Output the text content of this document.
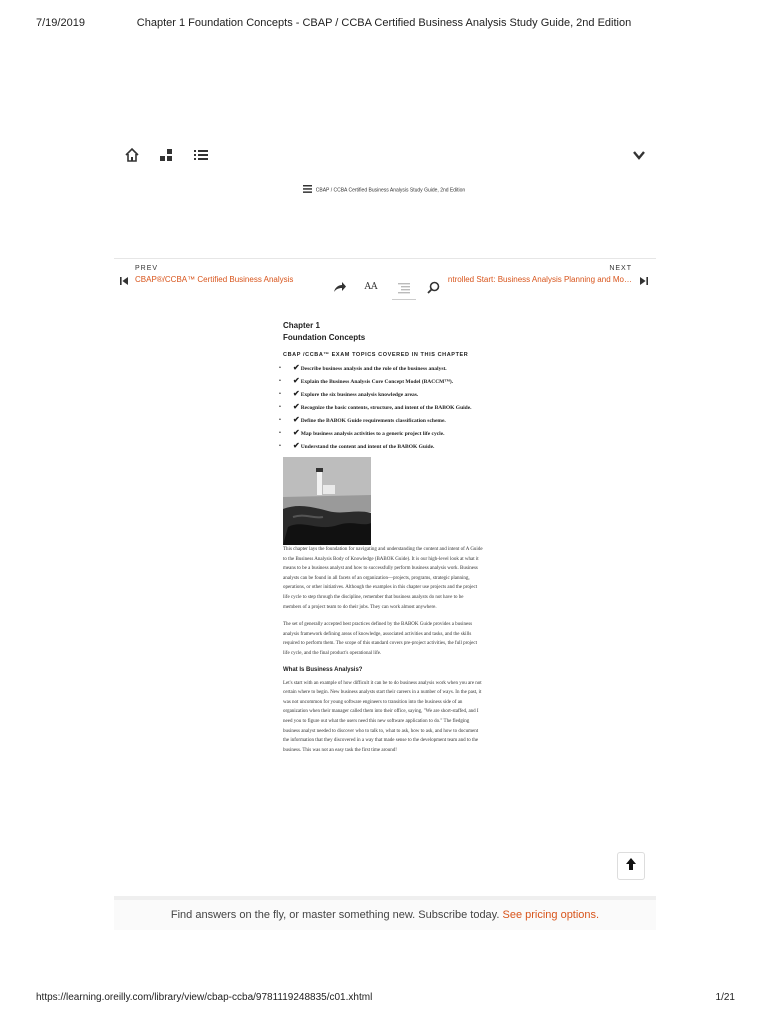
7/19/2019	Chapter 1 Foundation Concepts - CBAP / CCBA Certified Business Analysis Study Guide, 2nd Edition
CBAP / CCBA Certified Business Analysis Study Guide, 2nd Edition
PREV
CBAP®/CCBA™ Certified Business Analysis
AA
NEXT
ntrolled Start: Business Analysis Planning and Mo…
Chapter 1
Foundation Concepts
CBAP /CCBA™ EXAM TOPICS COVERED IN THIS CHAPTER
• ✔Describe business analysis and the role of the business analyst.
• ✔Explain the Business Analysis Core Concept Model (BACCM™).
• ✔Explore the six business analysis knowledge areas.
• ✔Recognize the basic contents, structure, and intent of the BABOK Guide.
• ✔Define the BABOK Guide requirements classification scheme.
• ✔Map business analysis activities to a generic project life cycle.
• ✔Understand the content and intent of the BABOK Guide.

This chapter lays the foundation for navigating and understanding the content and intent of A Guide to the Business Analysis Body of Knowledge (BABOK Guide). It is our high-level look at what it means to be a business analyst and how to successfully perform business analysis work. Business analysts can be found in all facets of an organization—projects, programs, strategic planning, operations, or other initiatives. Although the examples in this chapter use projects and the project life cycle to step through the discipline, remember that business analysts do not have to be members of a project team to do their jobs. They can work almost anywhere.

The set of generally accepted best practices defined by the BABOK Guide provides a business analysis framework defining areas of knowledge, associated activities and tasks, and the skills required to perform them. The scope of this standard covers pre-project activities, the full project life cycle, and the final product's operational life.

What Is Business Analysis?

Let's start with an example of how difficult it can be to do business analysis work when you are not certain where to begin. New business analysts start their careers in a number of ways. In the past, it was not uncommon for young software engineers to transition into the business side of an organization when their manager called them into their office, saying, "We are short-staffed, and I need you to figure out what the users need this new software application to do." The fledging business analyst needed to discover who to talk to, what to ask, how to ask, and how to document the information that they discovered in a way that made sense to the development team and to the business. This was not an easy task the first time around!

Find answers on the fly, or master something new. Subscribe today. See pricing options.
https://learning.oreilly.com/library/view/cbap-ccba/9781119248835/c01.xhtml	1/21
